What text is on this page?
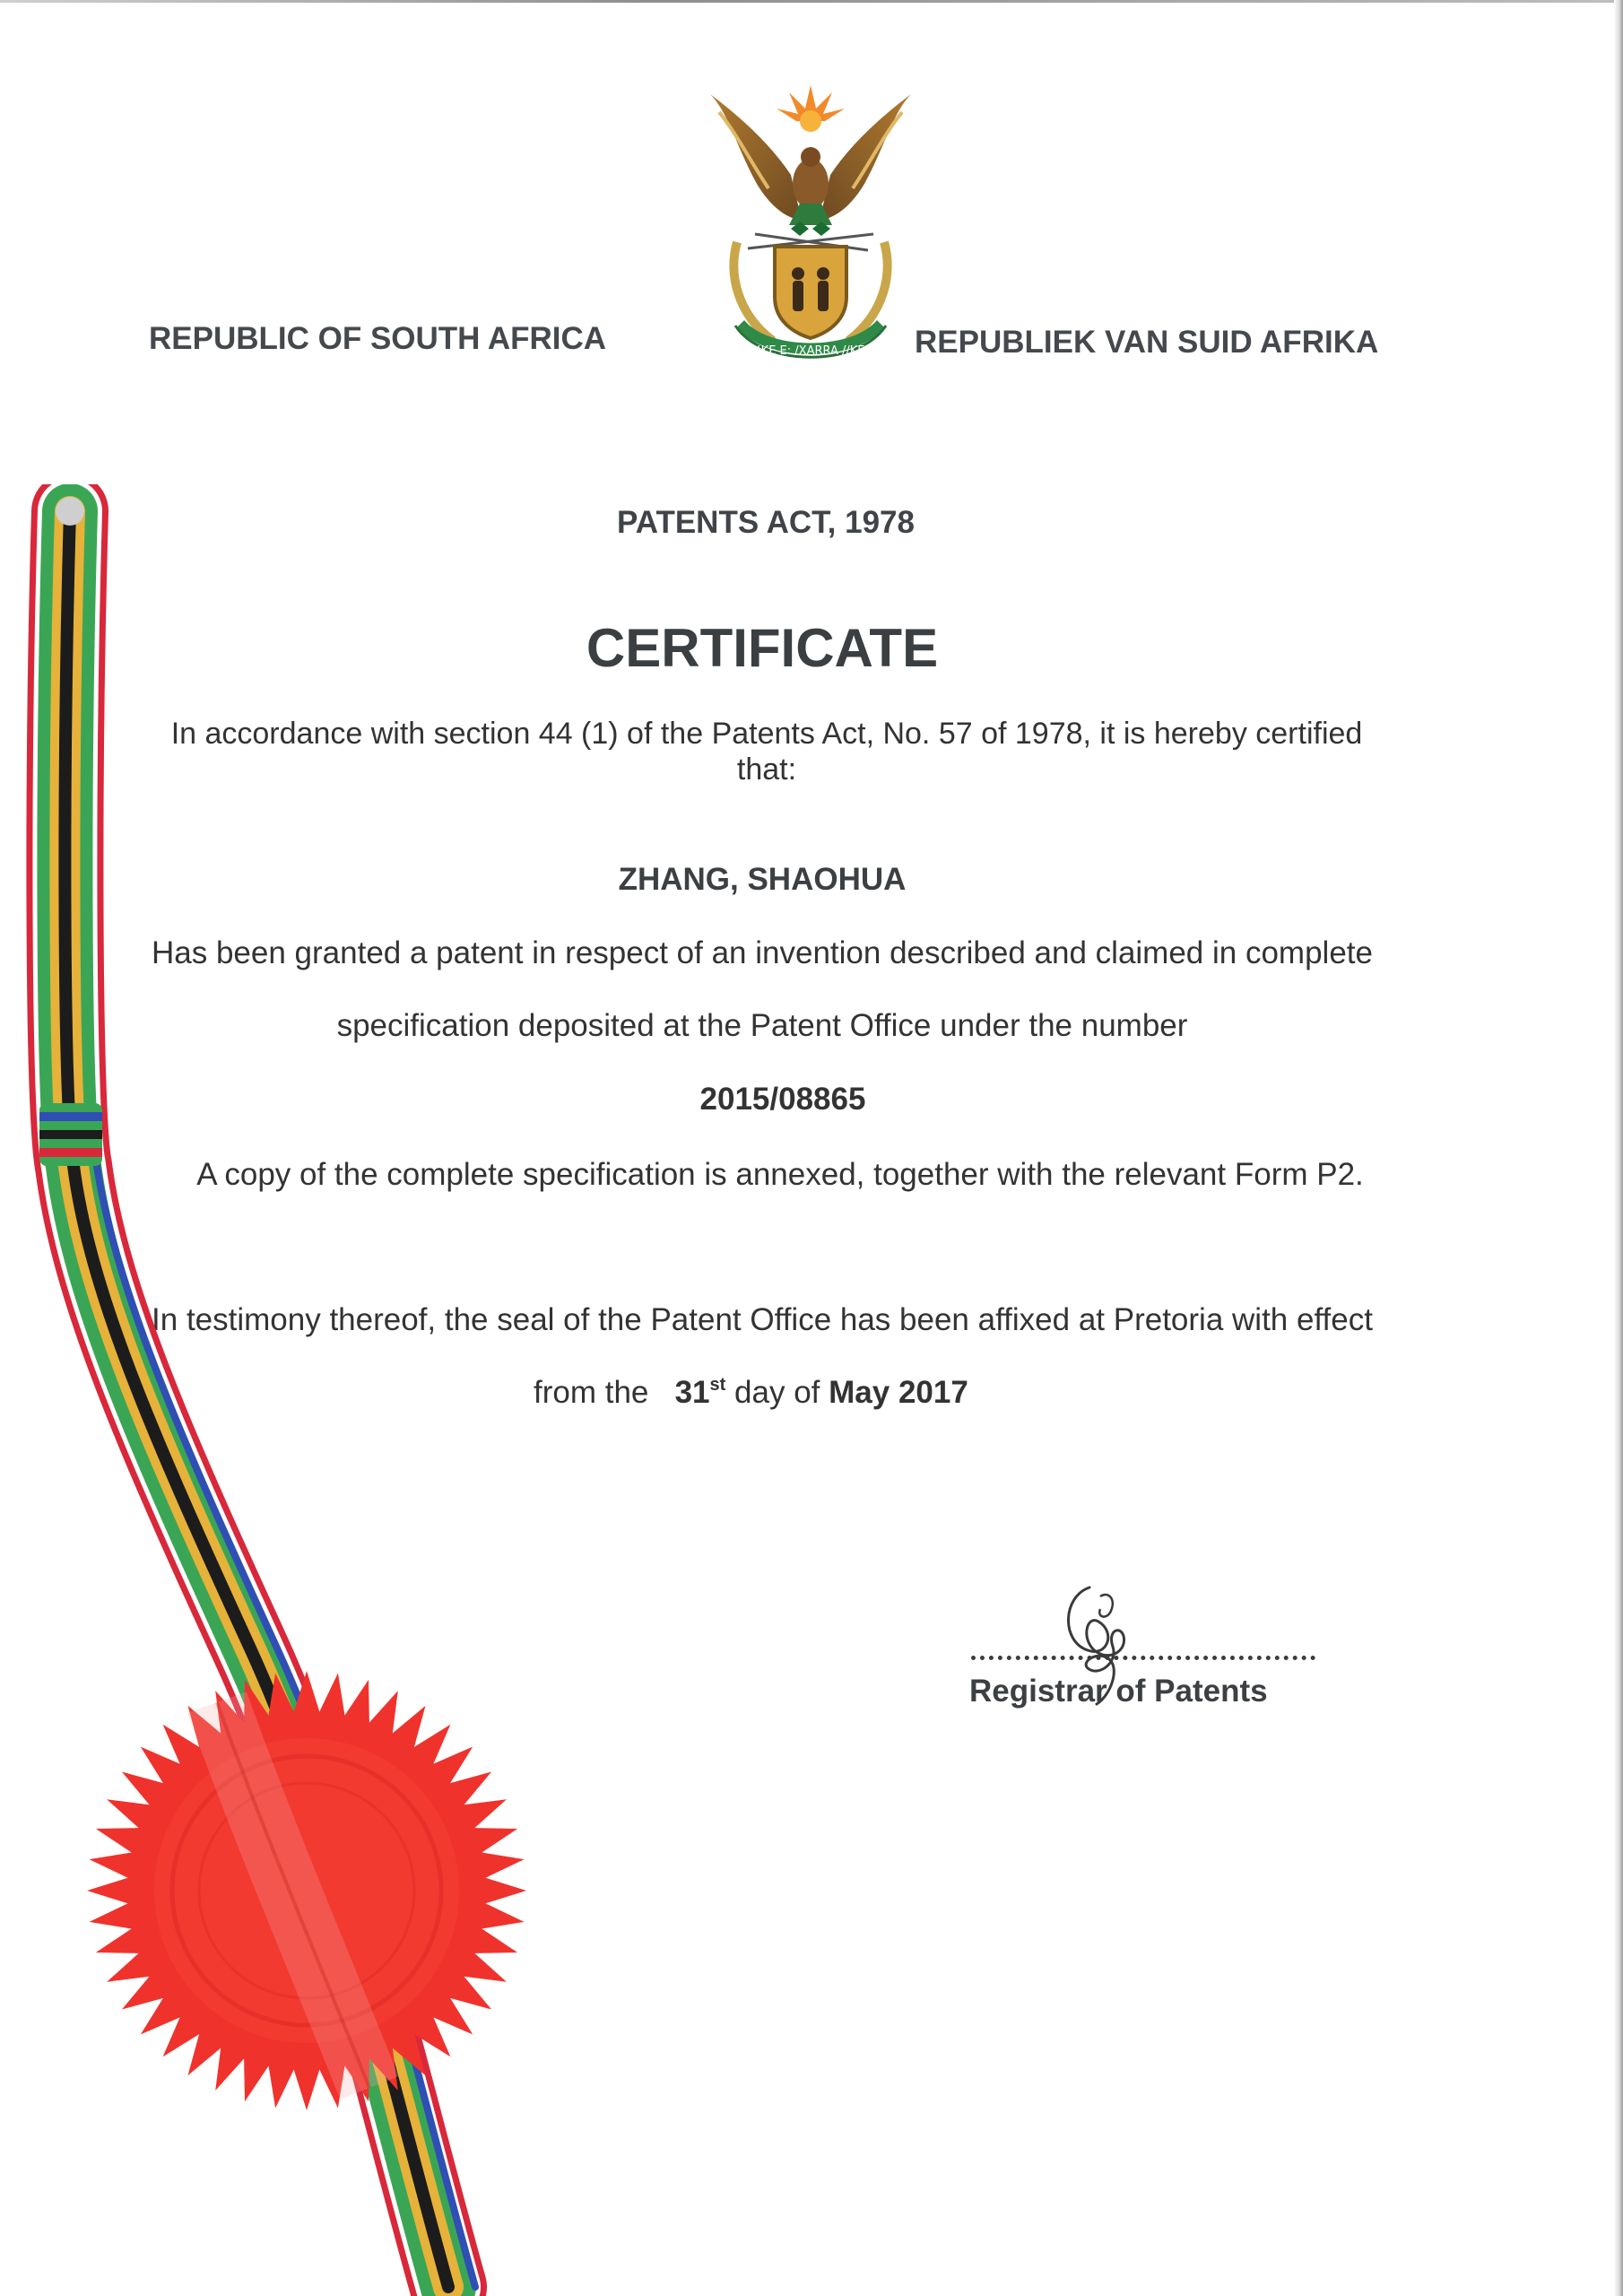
!KE E: /XARRA //KE

REPUBLIC OF SOUTH AFRICA	REPUBLIEK VAN SUID AFRIKA

PATENTS ACT, 1978

CERTIFICATE

In accordance with section 44 (1) of the Patents Act, No. 57 of 1978, it is hereby certified that:

ZHANG, SHAOHUA

Has been granted a patent in respect of an invention described and claimed in complete

specification deposited at the Patent Office under the number

2015/08865

A copy of the complete specification is annexed, together with the relevant Form P2.

In testimony thereof, the seal of the Patent Office has been affixed at Pretoria with effect

from the 31st day of May 2017

Registrar of Patents
